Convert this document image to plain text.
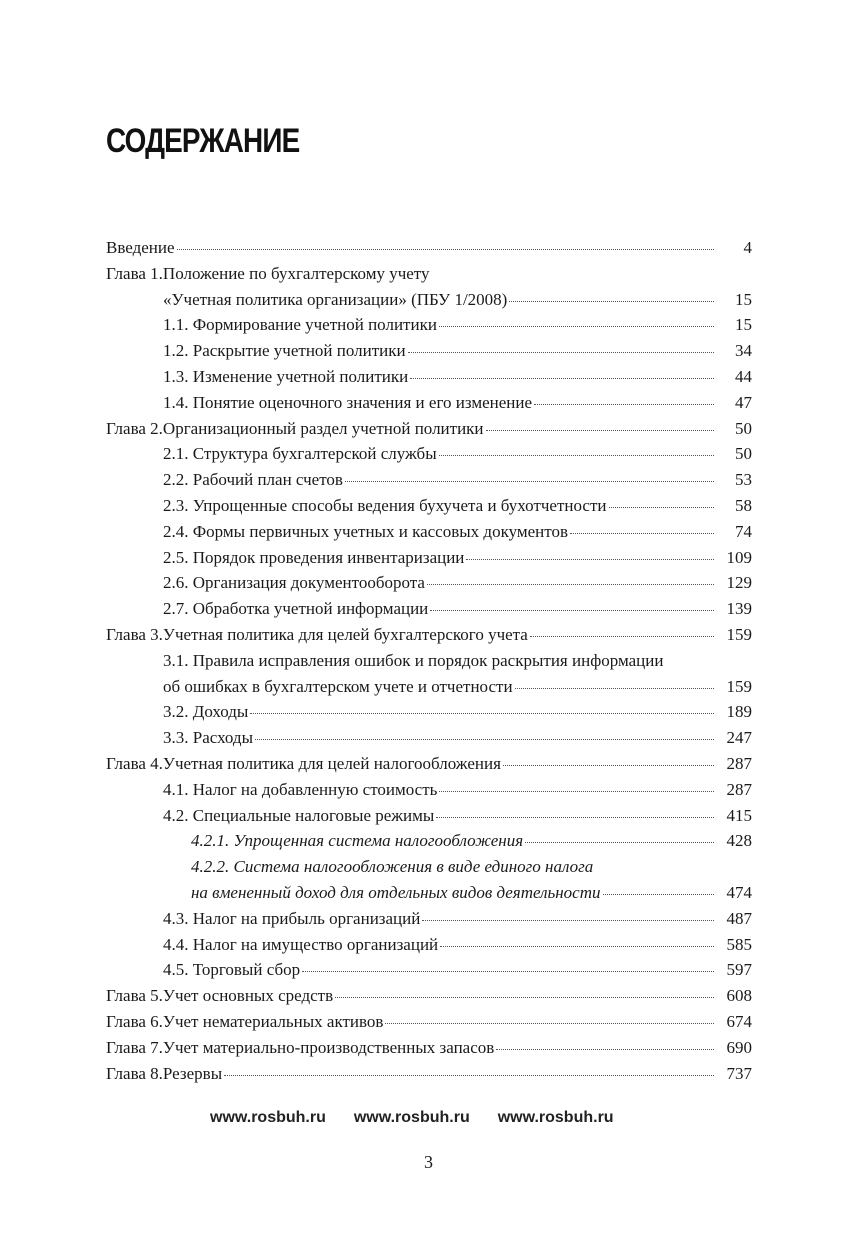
СОДЕРЖАНИЕ
Введение	4
Глава 1.Положение по бухгалтерскому учету
«Учетная политика организации» (ПБУ 1/2008)	15
1.1. Формирование учетной политики	15
1.2. Раскрытие учетной политики	34
1.3. Изменение учетной политики	44
1.4. Понятие оценочного значения и его изменение	47
Глава 2.Организационный раздел учетной политики	50
2.1. Структура бухгалтерской службы	50
2.2. Рабочий план счетов	53
2.3. Упрощенные способы ведения бухучета и бухотчетности	58
2.4. Формы первичных учетных и кассовых документов	74
2.5. Порядок проведения инвентаризации	109
2.6. Организация документооборота	129
2.7. Обработка учетной информации	139
Глава 3.Учетная политика для целей бухгалтерского учета	159
3.1. Правила исправления ошибок и порядок раскрытия информации
об ошибках в бухгалтерском учете и отчетности	159
3.2. Доходы	189
3.3. Расходы	247
Глава 4.Учетная политика для целей налогообложения	287
4.1. Налог на добавленную стоимость	287
4.2. Специальные налоговые режимы	415
4.2.1. Упрощенная система налогообложения	428
4.2.2. Система налогообложения в виде единого налога
на вмененный доход для отдельных видов деятельности	474
4.3. Налог на прибыль организаций	487
4.4. Налог на имущество организаций	585
4.5. Торговый сбор	597
Глава 5.Учет основных средств	608
Глава 6.Учет нематериальных активов	674
Глава 7.Учет материально-производственных запасов	690
Глава 8.Резервы	737
www.rosbuh.ru www.rosbuh.ru www.rosbuh.ru
3
